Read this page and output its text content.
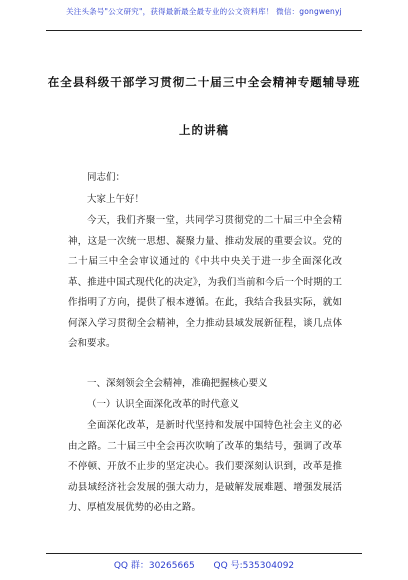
关注头条号"公文研究"，获得最新最全最专业的公文资料库！ 微信：gongwenyj
在全县科级干部学习贯彻二十届三中全会精神专题辅导班
上的讲稿
同志们：
大家上午好！
今天，我们齐聚一堂，共同学习贯彻党的二十届三中全会精神，这是一次统一思想、凝聚力量、推动发展的重要会议。党的二十届三中全会审议通过的《中共中央关于进一步全面深化改革、推进中国式现代化的决定》，为我们当前和今后一个时期的工作指明了方向，提供了根本遵循。在此，我结合我县实际，就如何深入学习贯彻全会精神，全力推动县域发展新征程，谈几点体会和要求。
一、深刻领会全会精神，准确把握核心要义
（一）认识全面深化改革的时代意义
全面深化改革，是新时代坚持和发展中国特色社会主义的必由之路。二十届三中全会再次吹响了改革的集结号，强调了改革不停顿、开放不止步的坚定决心。我们要深刻认识到，改革是推动县域经济社会发展的强大动力，是破解发展难题、增强发展活力、厚植发展优势的必由之路。
QQ 群：30265665 QQ 号:535304092
